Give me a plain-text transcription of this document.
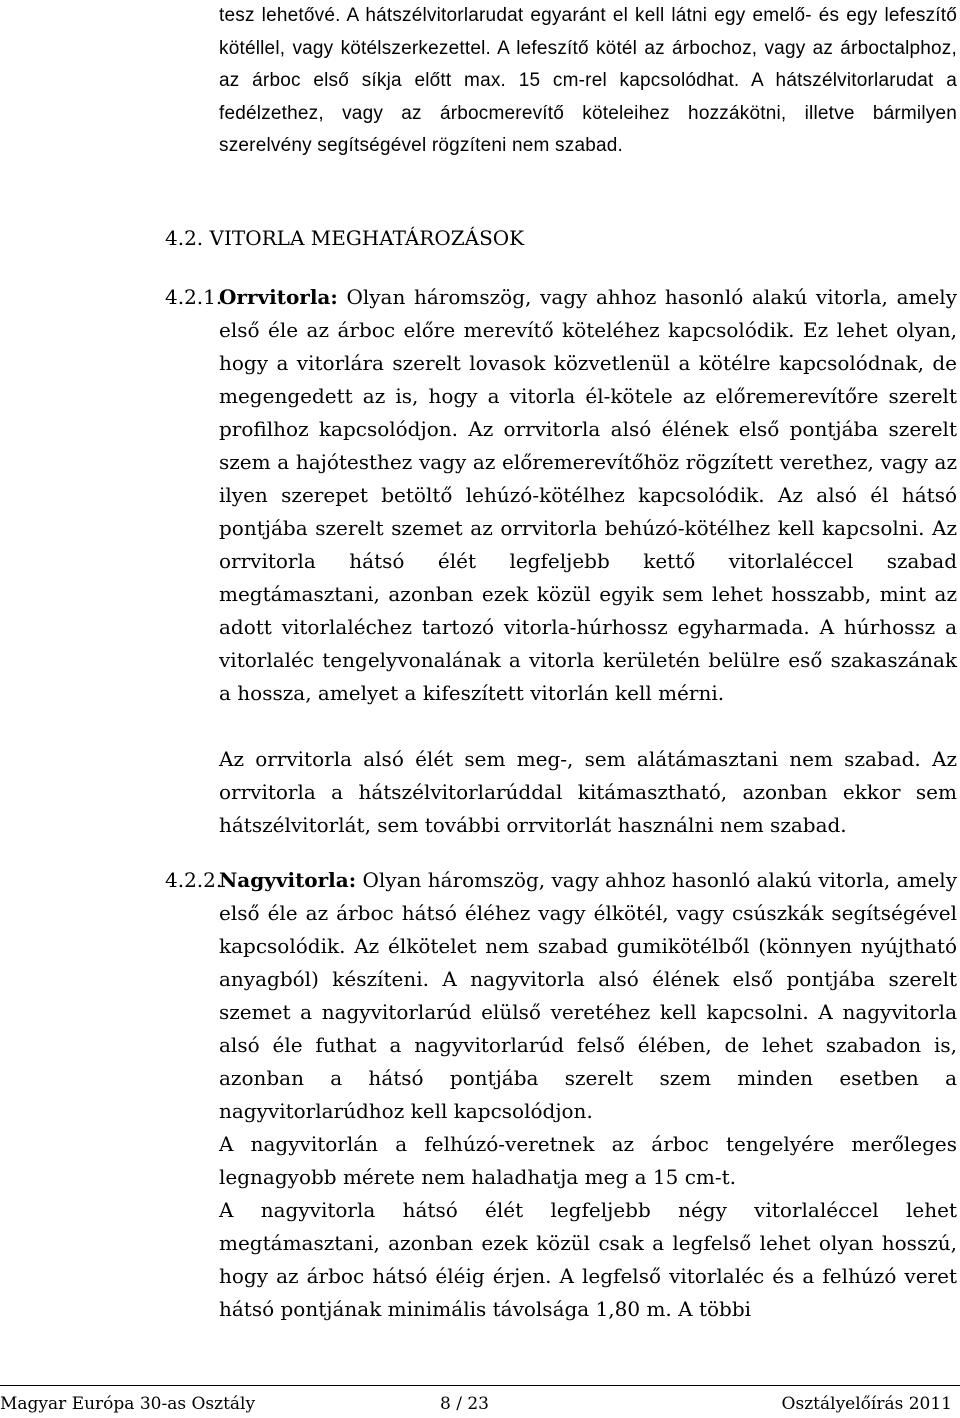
tesz lehetővé. A hátszélvitorlarudat egyaránt el kell látni egy emelő- és egy lefeszítő kötéllel, vagy kötélszerkezettel. A lefeszítő kötél az árbochoz, vagy az árboctalphoz, az árboc első síkja előtt max. 15 cm-rel kapcsolódhat. A hátszélvitorlarudat a fedélzethez, vagy az árbocmerevítő köteleihez hozzákötni, illetve bármilyen szerelvény segítségével rögzíteni nem szabad.

4.2. VITORLA MEGHATÁROZÁSOK
4.2.1.

Orrvitorla: Olyan háromszög, vagy ahhoz hasonló alakú vitorla, amely első éle az árboc előre merevítő köteléhez kapcsolódik. Ez lehet olyan, hogy a vitorlára szerelt lovasok közvetlenül a kötélre kapcsolódnak, de megengedett az is, hogy a vitorla él-kötele az előremerevítőre szerelt profilhoz kapcsolódjon. Az orrvitorla alsó élének első pontjába szerelt szem a hajótesthez vagy az előremerevítőhöz rögzített verethez, vagy az ilyen szerepet betöltő lehúzó-kötélhez kapcsolódik. Az alsó él hátsó pontjába szerelt szemet az orrvitorla behúzó-kötélhez kell kapcsolni. Az orrvitorla hátsó élét legfeljebb kettő vitorlaléccel szabad megtámasztani, azonban ezek közül egyik sem lehet hosszabb, mint az adott vitorlaléchez tartozó vitorla-húrhossz egyharmada. A húrhossz a vitorlaléc tengelyvonalának a vitorla kerületén belülre eső szakaszának a hossza, amelyet a kifeszített vitorlán kell mérni.

Az orrvitorla alsó élét sem meg-, sem alátámasztani nem szabad. Az orrvitorla a hátszélvitorlarúddal kitámasztható, azonban ekkor sem hátszélvitorlát, sem további orrvitorlát használni nem szabad.

4.2.2.

Nagyvitorla: Olyan háromszög, vagy ahhoz hasonló alakú vitorla, amely első éle az árboc hátsó éléhez vagy élkötél, vagy csúszkák segítségével kapcsolódik. Az élkötelet nem szabad gumikötélből (könnyen nyújtható anyagból) készíteni. A nagyvitorla alsó élének első pontjába szerelt szemet a nagyvitorlarúd elülső veretéhez kell kapcsolni. A nagyvitorla alsó éle futhat a nagyvitorlarúd felső élében, de lehet szabadon is, azonban a hátsó pontjába szerelt szem minden esetben a nagyvitorlarúdhoz kell kapcsolódjon.

A nagyvitorlán a felhúzó-veretnek az árboc tengelyére merőleges legnagyobb mérete nem haladhatja meg a 15 cm-t.

A nagyvitorla hátsó élét legfeljebb négy vitorlaléccel lehet megtámasztani, azonban ezek közül csak a legfelső lehet olyan hosszú, hogy az árboc hátsó éléig érjen. A legfelső vitorlaléc és a felhúzó veret hátsó pontjának minimális távolsága 1,80 m. A többi

Magyar Európa 30-as Osztály	8 / 23	Osztályelőírás 2011
